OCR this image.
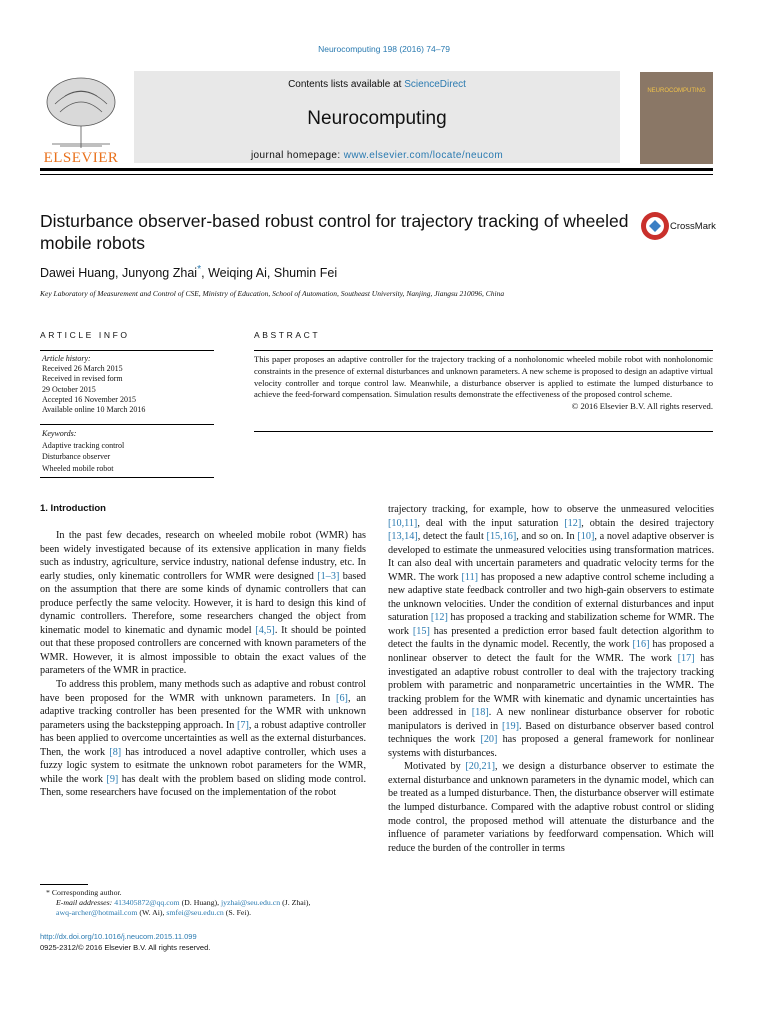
Neurocomputing 198 (2016) 74–79
ELSEVIER
Contents lists available at ScienceDirect
Neurocomputing
journal homepage: www.elsevier.com/locate/neucom
NEUROCOMPUTING
Disturbance observer-based robust control for trajectory tracking of wheeled mobile robots
CrossMark
Dawei Huang, Junyong Zhai*, Weiqing Ai, Shumin Fei
Key Laboratory of Measurement and Control of CSE, Ministry of Education, School of Automation, Southeast University, Nanjing, Jiangsu 210096, China
ARTICLE INFO	ABSTRACT
Article history:
Received 26 March 2015
Received in revised form
29 October 2015
Accepted 16 November 2015
Available online 10 March 2016
Keywords:
Adaptive tracking control
Disturbance observer
Wheeled mobile robot
This paper proposes an adaptive controller for the trajectory tracking of a nonholonomic wheeled mobile robot with nonholonomic constraints in the presence of external disturbances and unknown parameters. A new scheme is proposed to design an adaptive virtual velocity controller and torque control law. Meanwhile, a disturbance observer is applied to estimate the lumped disturbance to achieve the feed-forward compensation. Simulation results demonstrate the effectiveness of the proposed control scheme.
© 2016 Elsevier B.V. All rights reserved.
1. Introduction

In the past few decades, research on wheeled mobile robot (WMR) has been widely investigated because of its extensive application in many fields such as industry, agriculture, service industry, national defense industry, etc. In early studies, only kinematic controllers for WMR were designed [1–3] based on the assumption that there are some kinds of dynamic controllers that can produce perfectly the same velocity. However, it is hard to design this kind of dynamic controllers. Therefore, some researchers changed the object from kinematic model to kinematic and dynamic model [4,5]. It should be pointed out that these proposed controllers are concerned with known parameters of the WMR. However, it is almost impossible to obtain the exact values of the parameters of the WMR in practice.

To address this problem, many methods such as adaptive and robust control have been proposed for the WMR with unknown parameters. In [6], an adaptive tracking controller has been presented for the WMR with unknown parameters using the backstepping approach. In [7], a robust adaptive controller has been applied to overcome uncertainties as well as the external disturbances. Then, the work [8] has introduced a novel adaptive controller, which uses a fuzzy logic system to esitmate the unknown robot parameters for the WMR, while the work [9] has dealt with the problem based on sliding mode control. Then, some researchers have focused on the implementation of the robot

trajectory tracking, for example, how to observe the unmeasured velocities [10,11], deal with the input saturation [12], obtain the desired trajectory [13,14], detect the fault [15,16], and so on. In [10], a novel adaptive observer is developed to estimate the unmeasured velocities using transformation matrices. It can also deal with uncertain parameters and quadratic velocity terms for the WMR. The work [11] has proposed a new adaptive control scheme including a new adaptive state feedback controller and two high-gain observers to estimate the unknown velocities. Under the condition of external disturbances and input saturation [12] has proposed a tracking and stabilization scheme for WMR. The work [15] has presented a prediction error based fault detection algorithm to detect the faults in the dynamic model. Recently, the work [16] has proposed a nonlinear observer to detect the fault for the WMR. The work [17] has investigated an adaptive robust controller to deal with the trajectory tracking problem with parametric and nonparametric uncertainties in the WMR. The tracking problem for the WMR with kinematic and dynamic uncertainties has been addressed in [18]. A new nonlinear disturbance observer for robotic manipulators is derived in [19]. Based on disturbance observer based control techniques the work [20] has proposed a general framework for nonlinear systems with disturbances.

Motivated by [20,21], we design a disturbance observer to estimate the external disturbance and unknown parameters in the dynamic model, which can be treated as a lumped disturbance. Then, the disturbance observer will estimate the lumped disturbance. Compared with the adaptive robust control or sliding mode control, the proposed method will attenuate the disturbance and the influence of parameter variations by feedforward compensation. Which will reduce the burden of the controller in terms

* Corresponding author.
E-mail addresses: 413405872@qq.com (D. Huang), jyzhai@seu.edu.cn (J. Zhai),
awq-archer@hotmail.com (W. Ai), smfei@seu.edu.cn (S. Fei).
http://dx.doi.org/10.1016/j.neucom.2015.11.099
0925-2312/© 2016 Elsevier B.V. All rights reserved.
